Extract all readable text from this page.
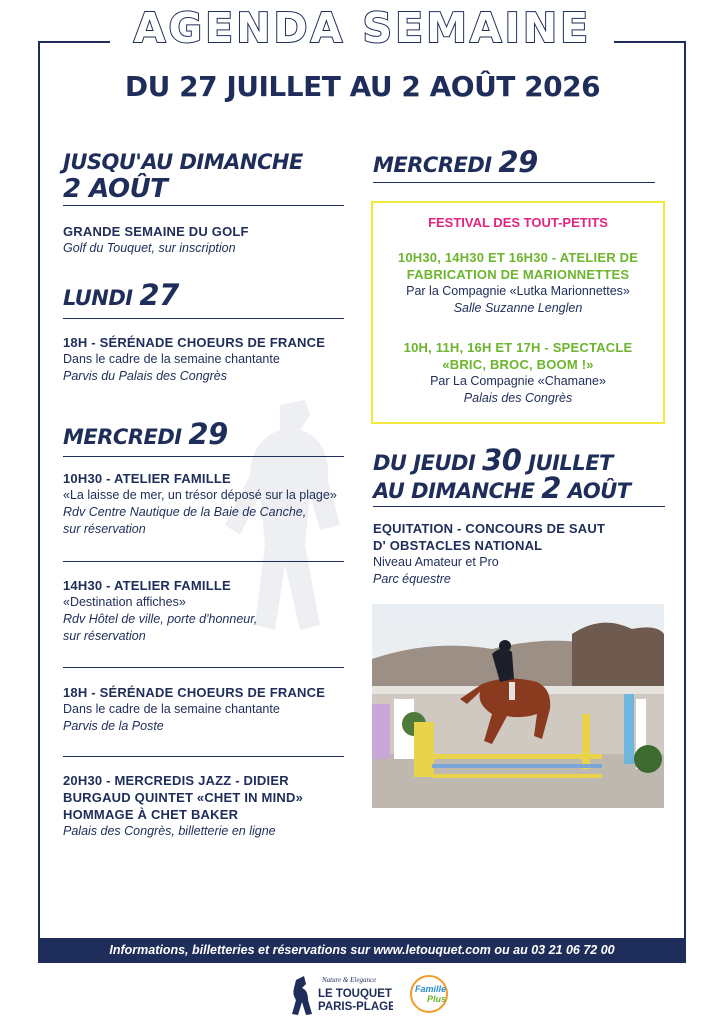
AGENDA SEMAINE
DU 27 JUILLET AU 2 AOÛT 2026
JUSQU'AU DIMANCHE
2 AOÛT
GRANDE SEMAINE DU GOLF
Golf du Touquet, sur inscription
LUNDI 27
18H - SÉRÉNADE CHOEURS DE FRANCE
Dans le cadre de la semaine chantante
Parvis du Palais des Congrès
MERCREDI 29
10H30 - ATELIER FAMILLE
«La laisse de mer, un trésor déposé sur la plage»
Rdv Centre Nautique de la Baie de Canche,
sur réservation
14H30 - ATELIER FAMILLE
«Destination affiches»
Rdv Hôtel de ville, porte d'honneur,
sur réservation
18H - SÉRÉNADE CHOEURS DE FRANCE
Dans le cadre de la semaine chantante
Parvis de la Poste
20H30 - MERCREDIS JAZZ - DIDIER
BURGAUD QUINTET «CHET IN MIND»
HOMMAGE À CHET BAKER
Palais des Congrès, billetterie en ligne
MERCREDI 29
FESTIVAL DES TOUT-PETITS
10H30, 14H30 ET 16H30 - ATELIER DE
FABRICATION DE MARIONNETTES
Par la Compagnie «Lutka Marionnettes»
Salle Suzanne Lenglen
10H, 11H, 16H ET 17H - SPECTACLE
«BRIC, BROC, BOOM !»
Par La Compagnie «Chamane»
Palais des Congrès
DU JEUDI 30 JUILLET
AU DIMANCHE 2 AOÛT
EQUITATION - CONCOURS DE SAUT
D' OBSTACLES NATIONAL
Niveau Amateur et Pro
Parc équestre
Informations, billetteries et réservations sur www.letouquet.com ou au 03 21 06 72 00
Nature & Elegance
LE TOUQUET
PARIS-PLAGE
Famille
Plus
